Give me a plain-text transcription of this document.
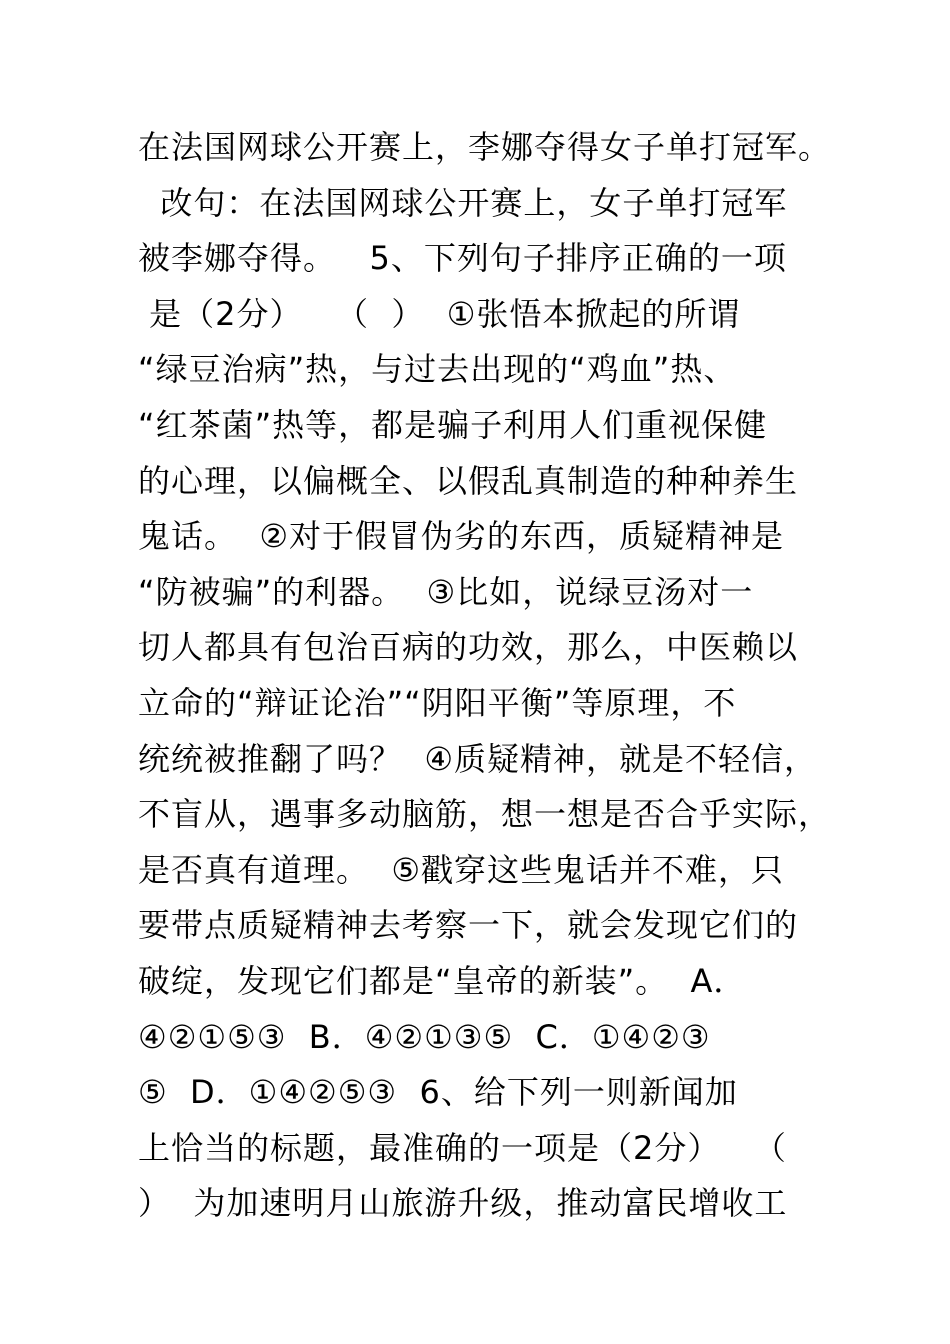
在法国网球公开赛上，李娜夺得女子单打冠军。
改句：在法国网球公开赛上，女子单打冠军
被李娜夺得。   5、下列句子排序正确的一项
是（2分）   （  ）  ①张悟本掀起的所谓
“绿豆治病”热，与过去出现的“鸡血”热、
“红茶菌”热等，都是骗子利用人们重视保健
的心理，以偏概全、以假乱真制造的种种养生
鬼话。  ②对于假冒伪劣的东西，质疑精神是
“防被骗”的利器。  ③比如，说绿豆汤对一
切人都具有包治百病的功效，那么，中医赖以
立命的“辩证论治”“阴阳平衡”等原理，不
统统被推翻了吗？  ④质疑精神，就是不轻信，
不盲从，遇事多动脑筋，想一想是否合乎实际，
是否真有道理。  ⑤戳穿这些鬼话并不难，只
要带点质疑精神去考察一下，就会发现它们的
破绽，发现它们都是“皇帝的新装”。  A．
④②①⑤③  B．④②①③⑤  C．①④②③
⑤  D．①④②⑤③  6、给下列一则新闻加
上恰当的标题，最准确的一项是（2分）   （
）  为加速明月山旅游升级，推动富民增收工
